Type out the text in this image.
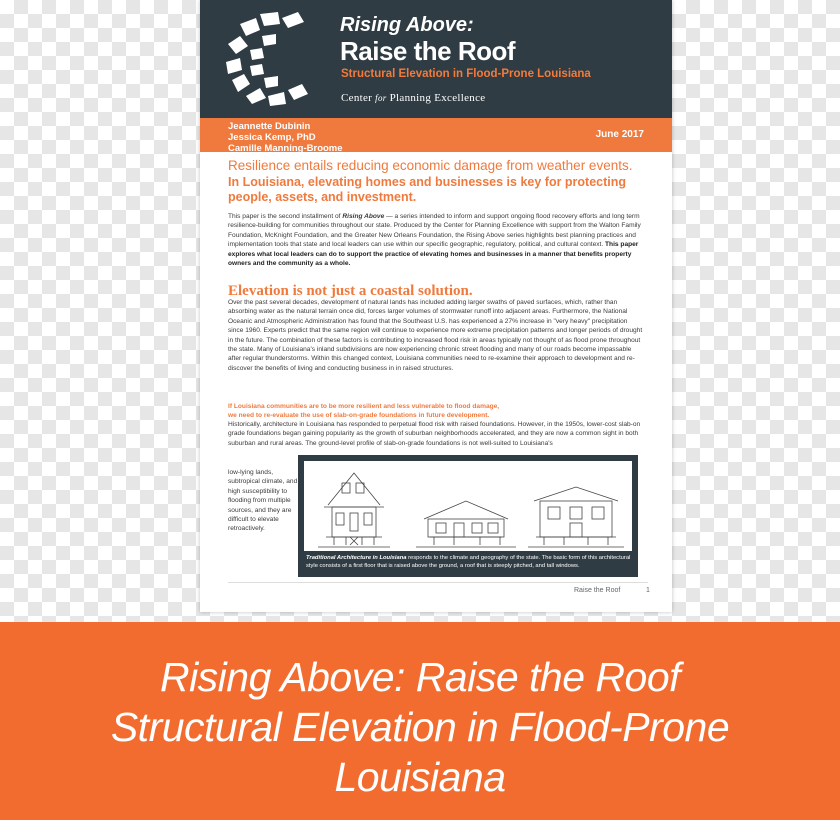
Rising Above:
Raise the Roof
Structural Elevation in Flood-Prone Louisiana
Center for Planning Excellence
Jeannette Dubinin
Jessica Kemp, PhD
Camille Manning-Broome
June 2017
Resilience entails reducing economic damage from weather events.
In Louisiana, elevating homes and businesses is key for protecting people, assets, and investment.

This paper is the second installment of Rising Above — a series intended to inform and support ongoing flood recovery efforts and long term resilience-building for communities throughout our state. Produced by the Center for Planning Excellence with support from the Walton Family Foundation, McKnight Foundation, and the Greater New Orleans Foundation, the Rising Above series highlights best planning practices and implementation tools that state and local leaders can use within our specific geographic, regulatory, political, and cultural context. This paper explores what local leaders can do to support the practice of elevating homes and businesses in a manner that benefits property owners and the community as a whole.

Elevation is not just a coastal solution.

Over the past several decades, development of natural lands has included adding larger swaths of paved surfaces, which, rather than absorbing water as the natural terrain once did, forces larger volumes of stormwater runoff into adjacent areas. Furthermore, the National Oceanic and Atmospheric Administration has found that the Southeast U.S. has experienced a 27% increase in "very heavy" precipitation since 1960. Experts predict that the same region will continue to experience more extreme precipitation patterns and longer periods of drought in the future. The combination of these factors is contributing to increased flood risk in areas typically not thought of as flood prone throughout the state. Many of Louisiana's inland subdivisions are now experiencing chronic street flooding and many of our roads become impassable after regular thunderstorms. Within this changed context, Louisiana communities need to re-examine their approach to development and re-discover the benefits of living and conducting business in in raised structures.

If Louisiana communities are to be more resilient and less vulnerable to flood damage,
we need to re-evaluate the use of slab-on-grade foundations in future development.

Historically, architecture in Louisiana has responded to perpetual flood risk with raised foundations. However, in the 1950s, lower-cost slab-on grade foundations began gaining popularity as the growth of suburban neighborhoods accelerated, and they are now a common sight in both suburban and rural areas. The ground-level profile of slab-on-grade foundations is not well-suited to Louisiana's

low-lying lands, subtropical climate, and high susceptibility to flooding from multiple sources, and they are difficult to elevate retroactively.
Traditional Architecture in Louisiana responds to the climate and geography of the state. The basic form of this architectural style consists of a first floor that is raised above the ground, a roof that is steeply pitched, and tall windows.
Raise the Roof	1
Rising Above: Raise the Roof
Structural Elevation in Flood-Prone
Louisiana
